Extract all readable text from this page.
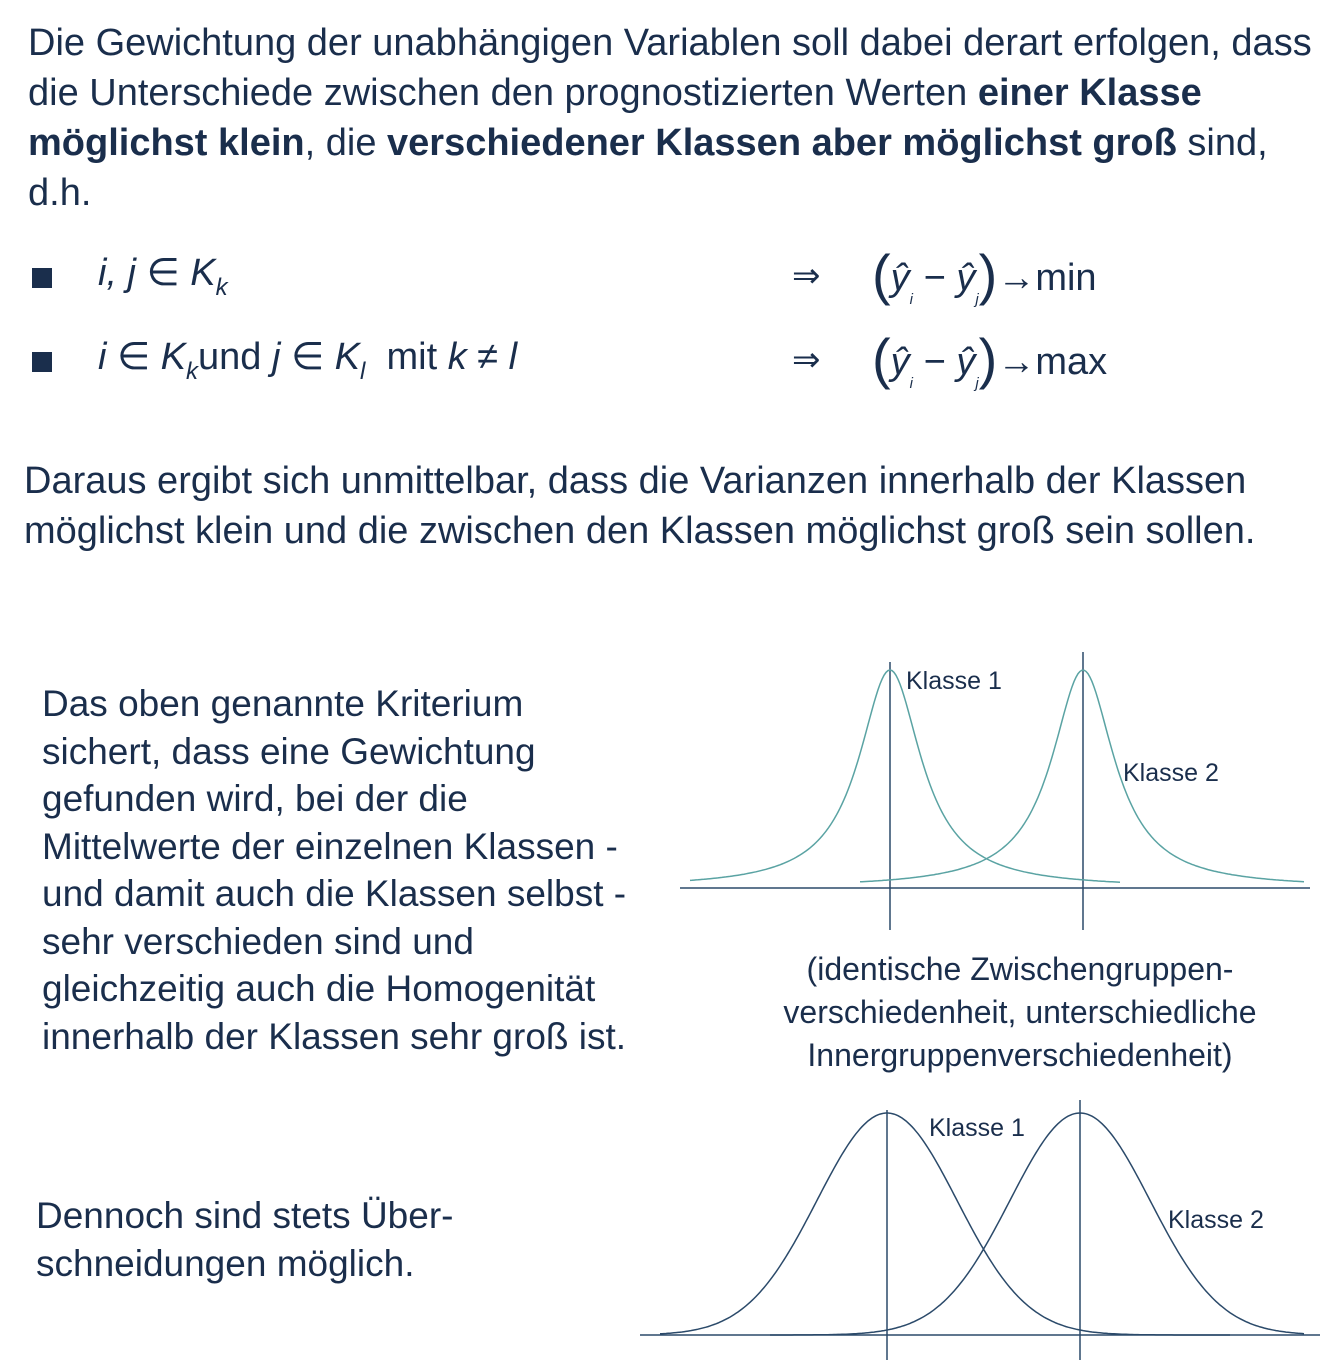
Die Gewichtung der unabhängigen Variablen soll dabei derart erfolgen, dass die Unterschiede zwischen den prognostizierten Werten einer Klasse möglichst klein, die verschiedener Klassen aber möglichst groß sind, d.h.

i, j ∈ $K_k$	⇒ ($ŷ_i$ − $ŷ_j)\to\min$
i ∈ $K_kund$ j ∈ $K_l$ mit k ≠ l	⇒ ($ŷ_i$ − $ŷ_j)\to\max$

Daraus ergibt sich unmittelbar, dass die Varianzen innerhalb der Klassen möglichst klein und die zwischen den Klassen möglichst groß sein sollen.

Das oben genannte Kriterium sichert, dass eine Gewichtung gefunden wird, bei der die Mittelwerte der einzelnen Klassen - und damit auch die Klassen selbst - sehr verschieden sind und gleichzeitig auch die Homogenität innerhalb der Klassen sehr groß ist.

Dennoch sind stets Über-schneidungen möglich.

(identische Zwischengruppen-verschiedenheit, unterschiedliche Innergruppenverschiedenheit)

Klasse 1
Klasse 2
Klasse 1
Klasse 2
